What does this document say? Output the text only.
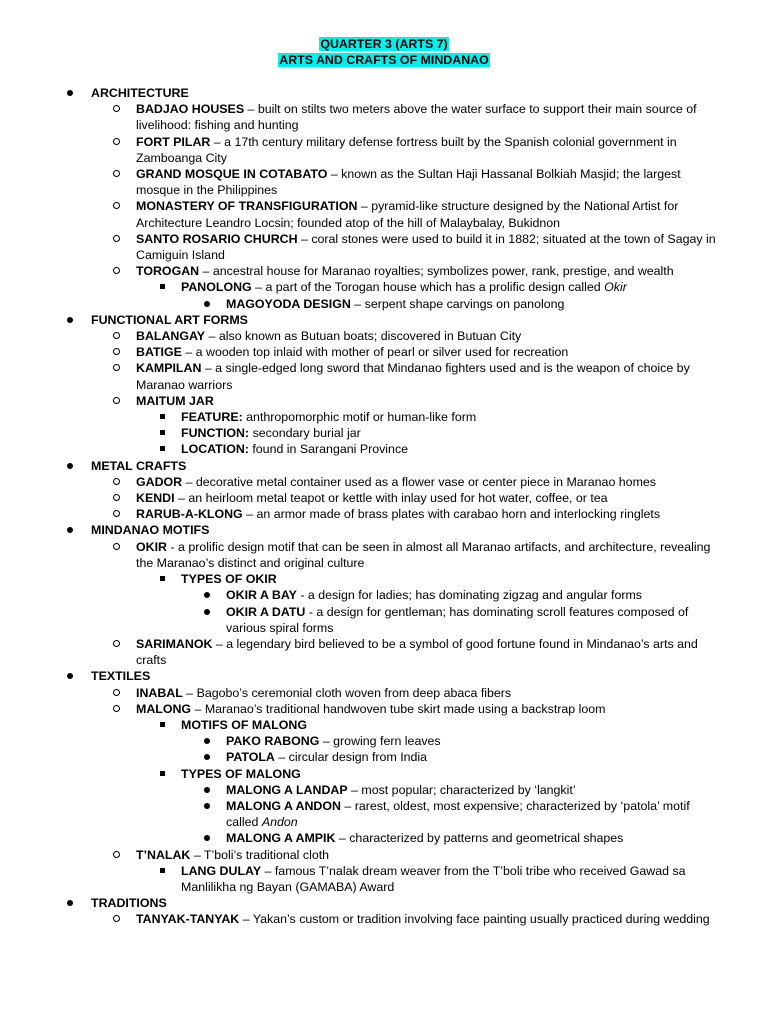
QUARTER 3 (ARTS 7)
ARTS AND CRAFTS OF MINDANAO
ARCHITECTURE
BADJAO HOUSES – built on stilts two meters above the water surface to support their main source of livelihood: fishing and hunting
FORT PILAR – a 17th century military defense fortress built by the Spanish colonial government in Zamboanga City
GRAND MOSQUE IN COTABATO – known as the Sultan Haji Hassanal Bolkiah Masjid; the largest mosque in the Philippines
MONASTERY OF TRANSFIGURATION – pyramid-like structure designed by the National Artist for Architecture Leandro Locsin; founded atop of the hill of Malaybalay, Bukidnon
SANTO ROSARIO CHURCH – coral stones were used to build it in 1882; situated at the town of Sagay in Camiguin Island
TOROGAN – ancestral house for Maranao royalties; symbolizes power, rank, prestige, and wealth
PANOLONG – a part of the Torogan house which has a prolific design called Okir
MAGOYODA DESIGN – serpent shape carvings on panolong
FUNCTIONAL ART FORMS
BALANGAY – also known as Butuan boats; discovered in Butuan City
BATIGE – a wooden top inlaid with mother of pearl or silver used for recreation
KAMPILAN – a single-edged long sword that Mindanao fighters used and is the weapon of choice by Maranao warriors
MAITUM JAR
FEATURE: anthropomorphic motif or human-like form
FUNCTION: secondary burial jar
LOCATION: found in Sarangani Province
METAL CRAFTS
GADOR – decorative metal container used as a flower vase or center piece in Maranao homes
KENDI – an heirloom metal teapot or kettle with inlay used for hot water, coffee, or tea
RARUB-A-KLONG – an armor made of brass plates with carabao horn and interlocking ringlets
MINDANAO MOTIFS
OKIR - a prolific design motif that can be seen in almost all Maranao artifacts, and architecture, revealing the Maranao’s distinct and original culture
TYPES OF OKIR
OKIR A BAY - a design for ladies; has dominating zigzag and angular forms
OKIR A DATU - a design for gentleman; has dominating scroll features composed of various spiral forms
SARIMANOK – a legendary bird believed to be a symbol of good fortune found in Mindanao’s arts and crafts
TEXTILES
INABAL – Bagobo’s ceremonial cloth woven from deep abaca fibers
MALONG – Maranao’s traditional handwoven tube skirt made using a backstrap loom
MOTIFS OF MALONG
PAKO RABONG – growing fern leaves
PATOLA – circular design from India
TYPES OF MALONG
MALONG A LANDAP – most popular; characterized by ‘langkit’
MALONG A ANDON – rarest, oldest, most expensive; characterized by ‘patola’ motif called Andon
MALONG A AMPIK – characterized by patterns and geometrical shapes
T’NALAK – T’boli’s traditional cloth
LANG DULAY – famous T’nalak dream weaver from the T’boli tribe who received Gawad sa Manlilikha ng Bayan (GAMABA) Award
TRADITIONS
TANYAK-TANYAK – Yakan’s custom or tradition involving face painting usually practiced during wedding
